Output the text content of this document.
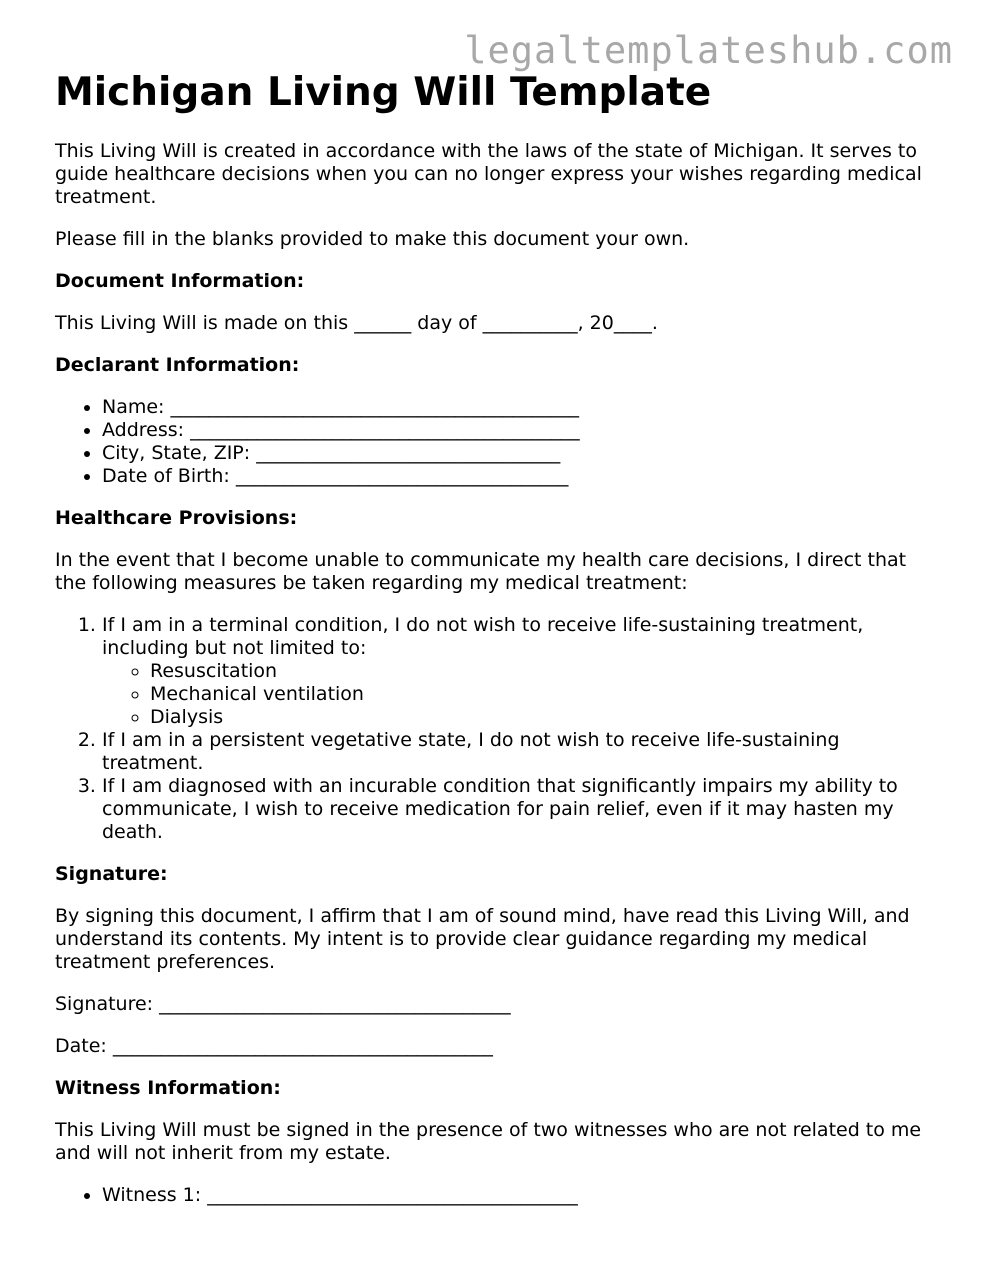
legaltemplateshub.com
Michigan Living Will Template

This Living Will is created in accordance with the laws of the state of Michigan. It serves to guide healthcare decisions when you can no longer express your wishes regarding medical treatment.

Please fill in the blanks provided to make this document your own.

Document Information:

This Living Will is made on this ______ day of __________, 20____.

Declarant Information:
• Name: ___________________________________________
• Address: _________________________________________
• City, State, ZIP: ________________________________
• Date of Birth: ___________________________________
Healthcare Provisions:

In the event that I become unable to communicate my health care decisions, I direct that the following measures be taken regarding my medical treatment:

1. If I am in a terminal condition, I do not wish to receive life-sustaining treatment, including but not limited to:
◦ Resuscitation
◦ Mechanical ventilation
◦ Dialysis
2. If I am in a persistent vegetative state, I do not wish to receive life-sustaining treatment.
3. If I am diagnosed with an incurable condition that significantly impairs my ability to communicate, I wish to receive medication for pain relief, even if it may hasten my death.
Signature:

By signing this document, I affirm that I am of sound mind, have read this Living Will, and understand its contents. My intent is to provide clear guidance regarding my medical treatment preferences.

Signature: _____________________________________

Date: ________________________________________

Witness Information:

This Living Will must be signed in the presence of two witnesses who are not related to me and will not inherit from my estate.

• Witness 1: _______________________________________
